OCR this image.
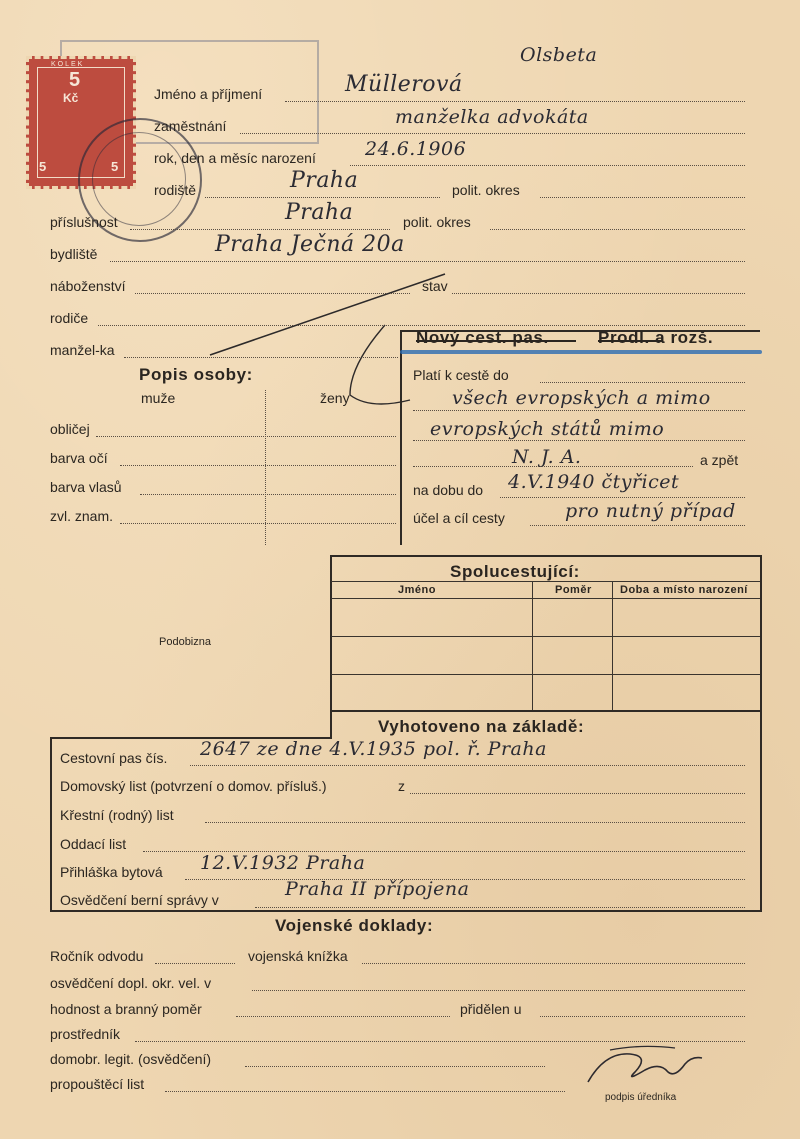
KOLEK
5
Kč
5	5
Olsbeta
Jméno a příjmení	Müllerová
zaměstnání	manželka advokáta
rok, den a měsíc narození	24.6.1906
rodiště	Praha	polit. okres
příslušnost	Praha	polit. okres
bydliště	Praha Ječná 20a
náboženství	stav
rodiče
manžel-ka
Nový cest. pas.	Prodl. a rozš.
Platí k cestě do
všech evropských a mimo
evropských států mimo
N. J. A.	a zpět
na dobu do 4.V.1940 čtyřicet
účel a cíl cesty	pro nutný případ
Popis osoby:
muže	ženy
obličej
barva očí
barva vlasů
zvl. znam.
Podobizna
Spolucestující:
Jméno	Poměr	Doba a místo narození
Vyhotoveno na základě:
Cestovní pas čís. 2647 ze dne 4.V.1935 pol. ř. Praha
Domovský list (potvrzení o domov. přísluš.)	z
Křestní (rodný) list
Oddací list
Přihláška bytová 12.V.1932 Praha
Osvědčení berní správy v	Praha II přípojena
Vojenské doklady:
Ročník odvodu	vojenská knížka
osvědčení dopl. okr. vel. v
hodnost a branný poměr	přidělen u
prostředník
domobr. legit. (osvědčení)
propouštěcí list
podpis úředníka
